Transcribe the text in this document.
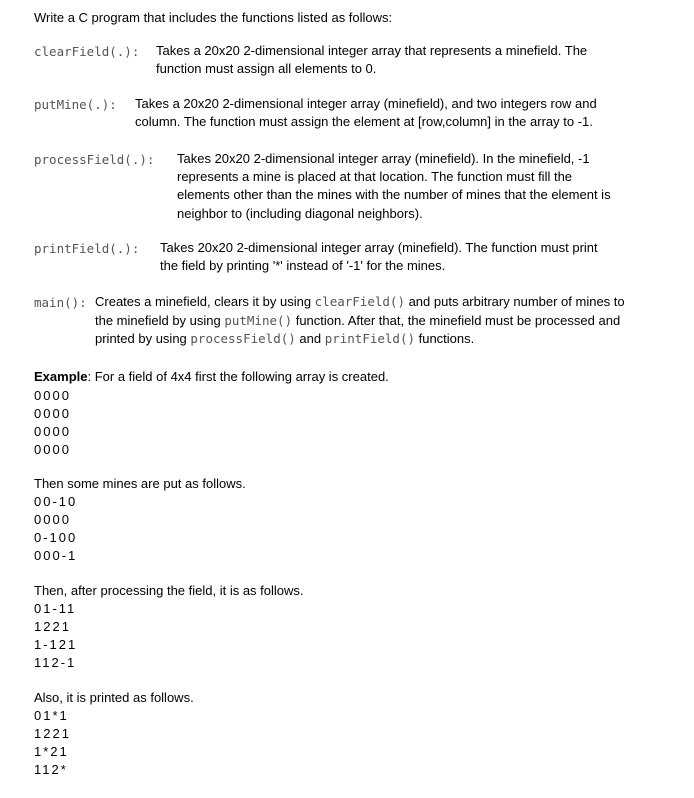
Write a C program that includes the functions listed as follows:
clearField(.): Takes a 20x20 2-dimensional integer array that represents a minefield. The
function must assign all elements to 0.
putMine(.): Takes a 20x20 2-dimensional integer array (minefield), and two integers row and
column. The function must assign the element at [row,column] in the array to -1.
processField(.): Takes 20x20 2-dimensional integer array (minefield). In the minefield, -1
represents a mine is placed at that location. The function must fill the
elements other than the mines with the number of mines that the element is
neighbor to (including diagonal neighbors).
printField(.): Takes 20x20 2-dimensional integer array (minefield). The function must print
the field by printing '*' instead of '-1' for the mines.
main(): Creates a minefield, clears it by using clearField() and puts arbitrary number of mines to
the minefield by using putMine() function. After that, the minefield must be processed and
printed by using processField() and printField() functions.
Example: For a field of 4x4 first the following array is created.
0000
0000
0000
0000
Then some mines are put as follows.
00-10
0000
0-100
000-1
Then, after processing the field, it is as follows.
01-11
1221
1-121
112-1
Also, it is printed as follows.
01*1
1221
1*21
112*
